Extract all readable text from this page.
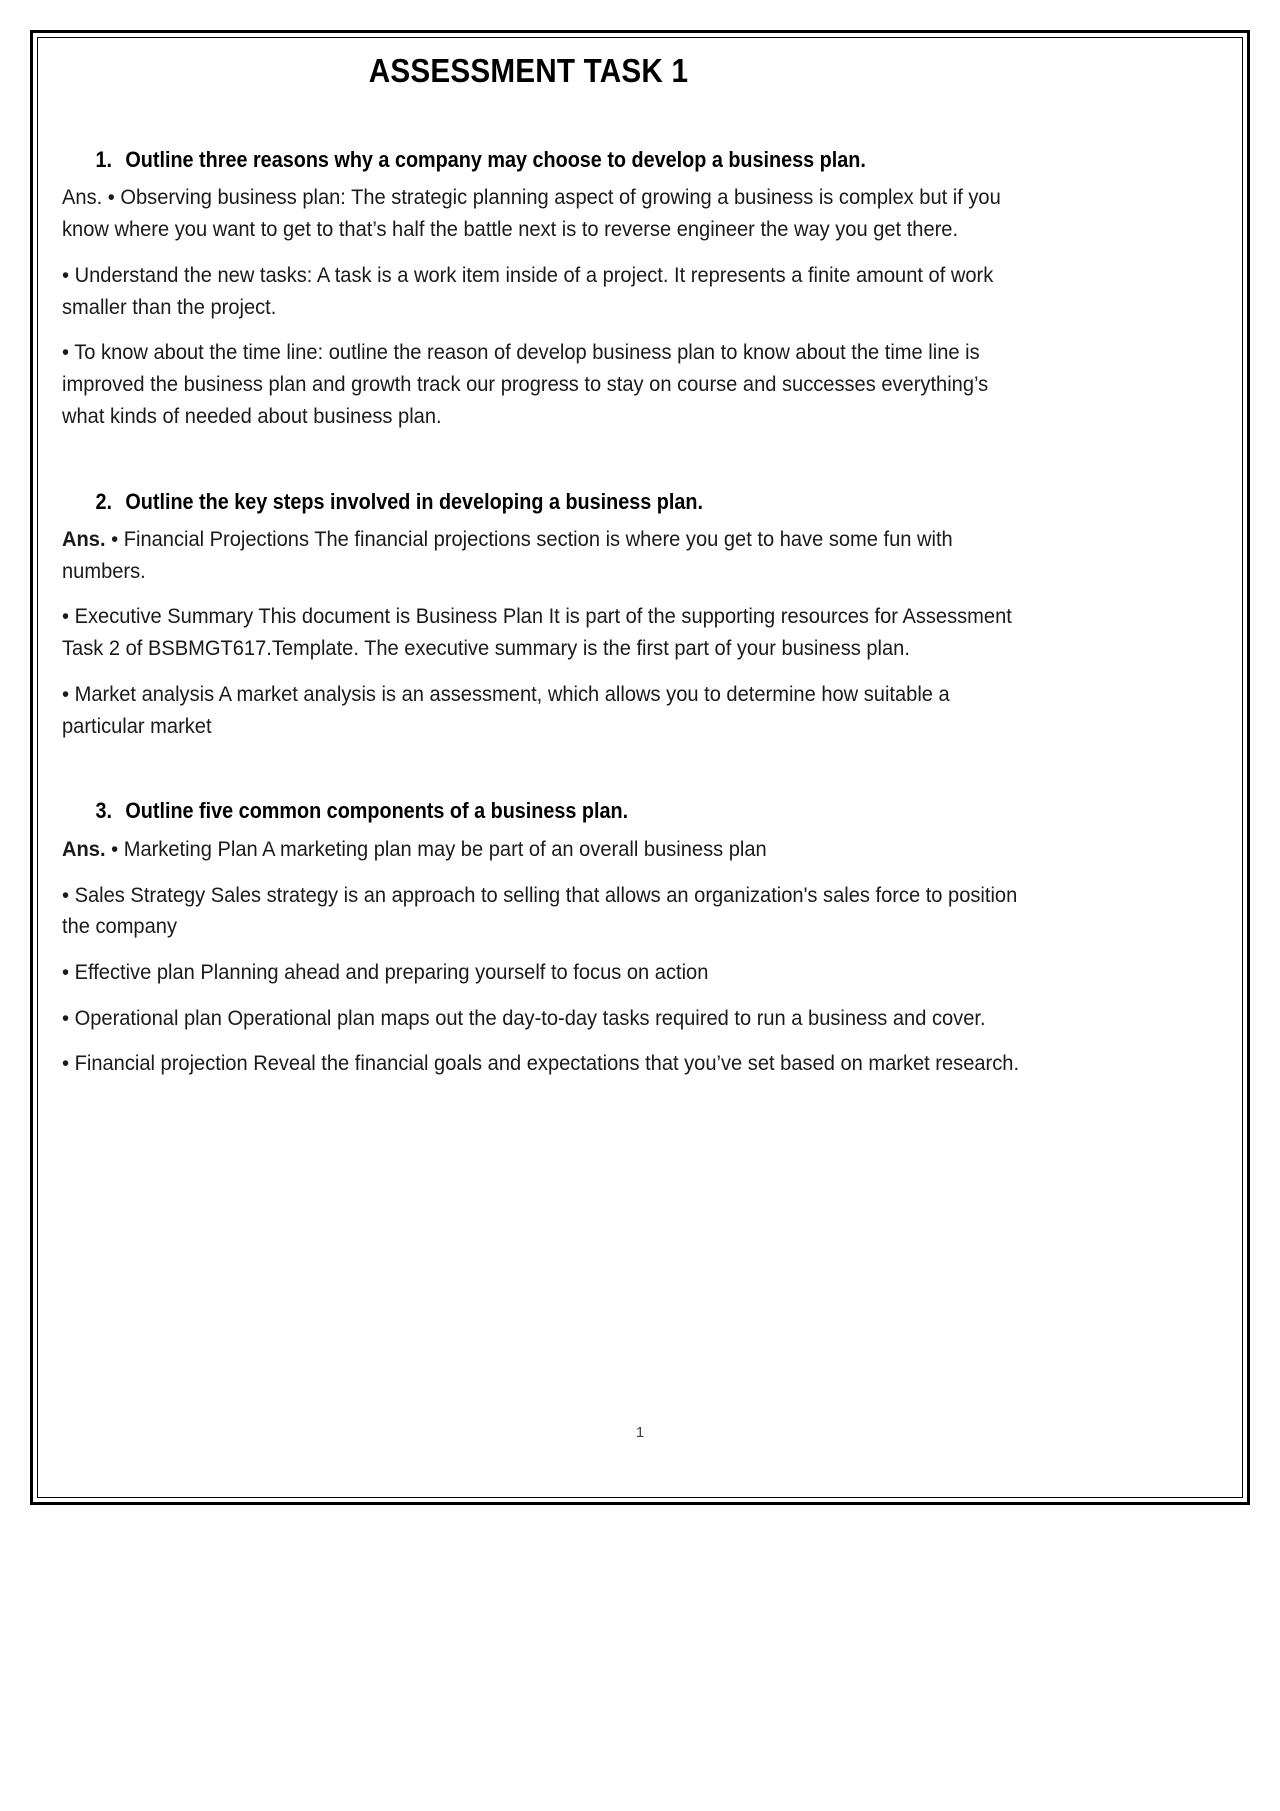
ASSESSMENT TASK 1
1. Outline three reasons why a company may choose to develop a business plan.

Ans. • Observing business plan: The strategic planning aspect of growing a business is complex but if you know where you want to get to that’s half the battle next is to reverse engineer the way you get there.

• Understand the new tasks: A task is a work item inside of a project. It represents a finite amount of work smaller than the project.

• To know about the time line: outline the reason of develop business plan to know about the time line is improved the business plan and growth track our progress to stay on course and successes everything’s what kinds of needed about business plan.

2. Outline the key steps involved in developing a business plan.

Ans. • Financial Projections The financial projections section is where you get to have some fun with numbers.

• Executive Summary This document is Business Plan It is part of the supporting resources for Assessment Task 2 of BSBMGT617.Template. The executive summary is the first part of your business plan.

• Market analysis A market analysis is an assessment, which allows you to determine how suitable a particular market

3. Outline five common components of a business plan.

Ans. • Marketing Plan A marketing plan may be part of an overall business plan

• Sales Strategy Sales strategy is an approach to selling that allows an organization's sales force to position the company

• Effective plan Planning ahead and preparing yourself to focus on action

• Operational plan Operational plan maps out the day-to-day tasks required to run a business and cover.

• Financial projection Reveal the financial goals and expectations that you’ve set based on market research.

1
